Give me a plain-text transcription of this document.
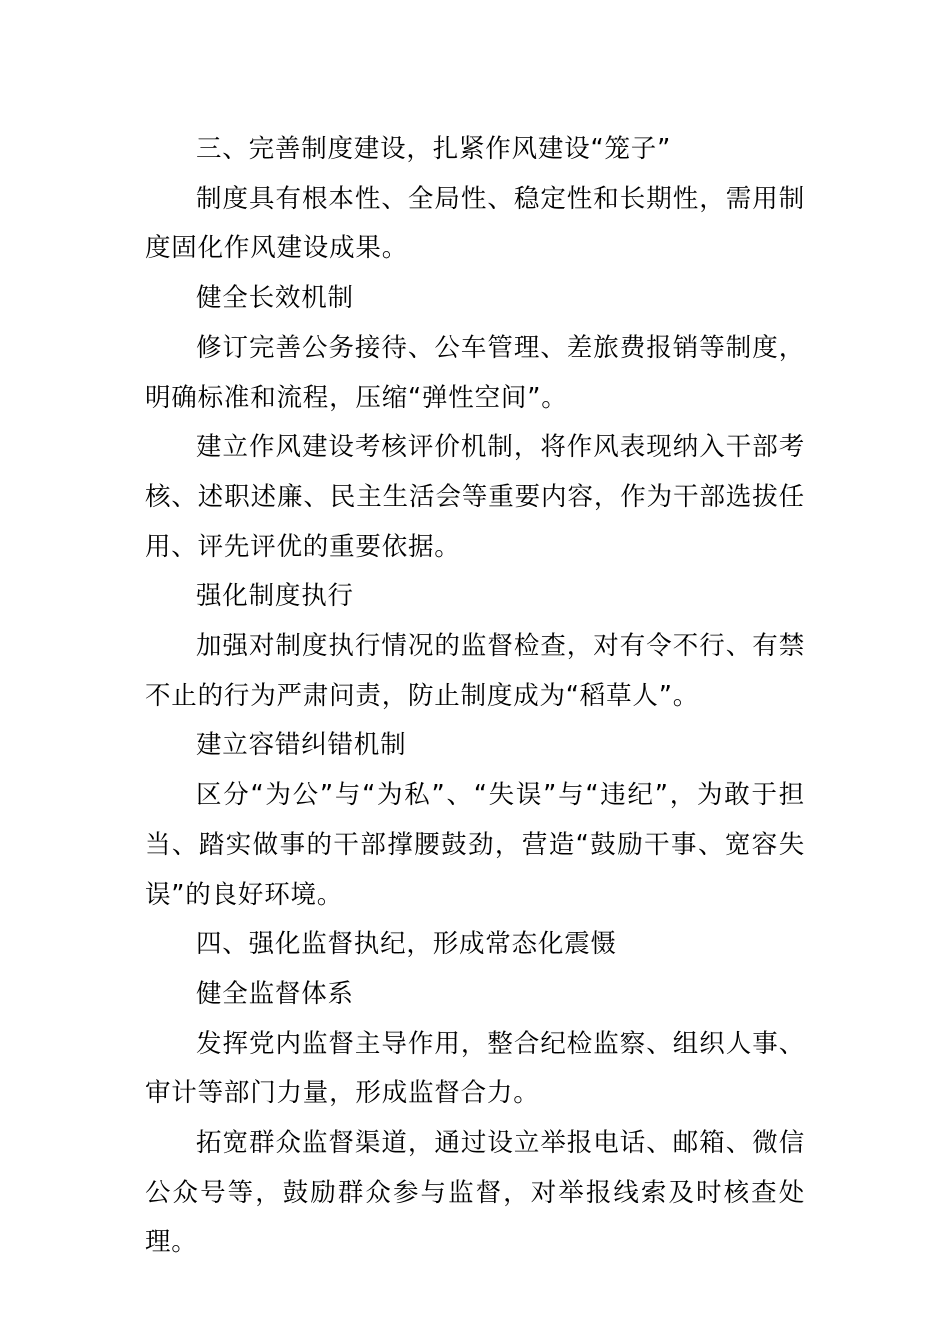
三、完善制度建设，扎紧作风建设“笼子”

制度具有根本性、全局性、稳定性和长期性，需用制度固化作风建设成果。

健全长效机制

修订完善公务接待、公车管理、差旅费报销等制度，明确标准和流程，压缩“弹性空间”。

建立作风建设考核评价机制，将作风表现纳入干部考核、述职述廉、民主生活会等重要内容，作为干部选拔任用、评先评优的重要依据。

强化制度执行

加强对制度执行情况的监督检查，对有令不行、有禁不止的行为严肃问责，防止制度成为“稻草人”。

建立容错纠错机制

区分“为公”与“为私”、“失误”与“违纪”，为敢于担当、踏实做事的干部撑腰鼓劲，营造“鼓励干事、宽容失误”的良好环境。

四、强化监督执纪，形成常态化震慑

健全监督体系

发挥党内监督主导作用，整合纪检监察、组织人事、审计等部门力量，形成监督合力。

拓宽群众监督渠道，通过设立举报电话、邮箱、微信公众号等，鼓励群众参与监督，对举报线索及时核查处理。
